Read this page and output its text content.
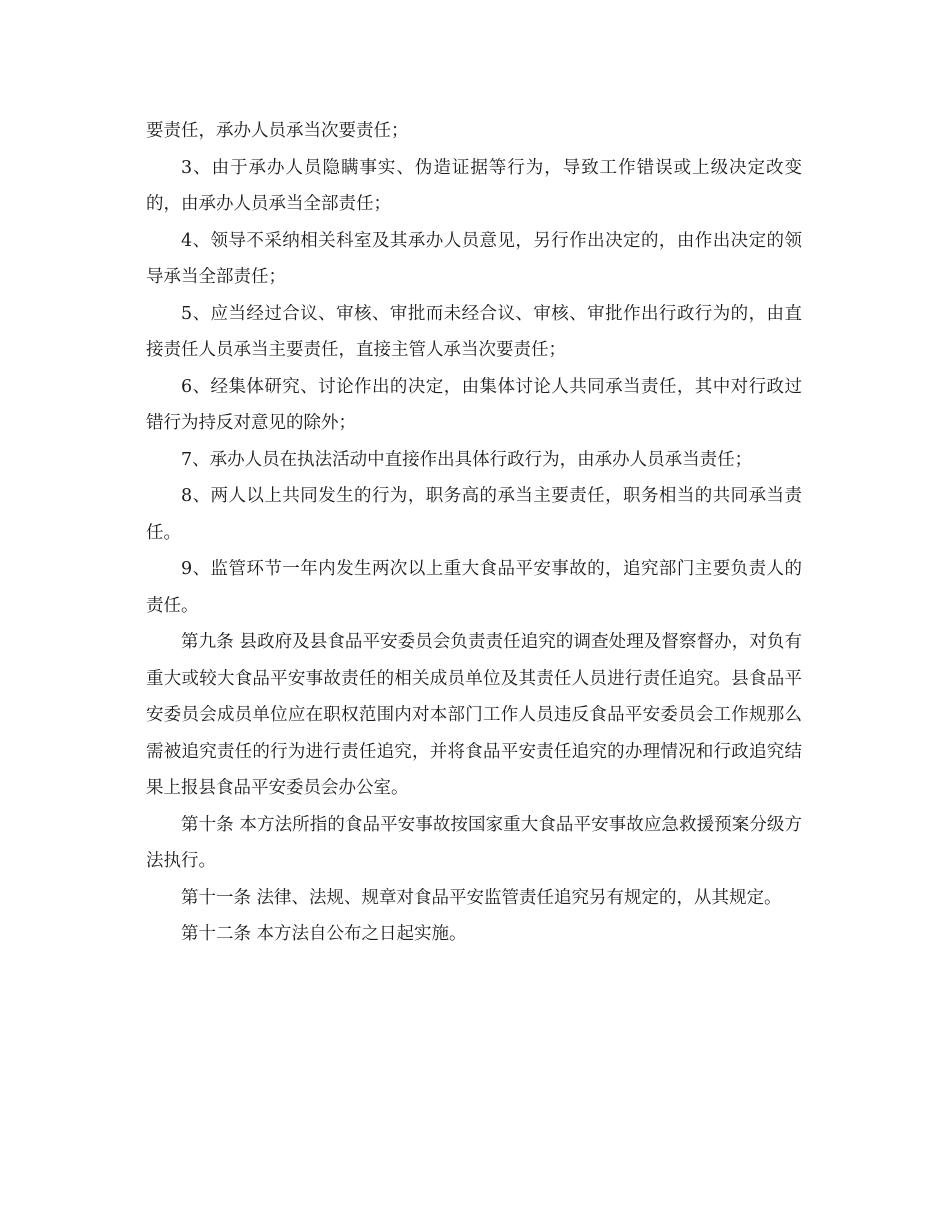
要责任，承办人员承当次要责任；

3、由于承办人员隐瞒事实、伪造证据等行为，导致工作错误或上级决定改变的，由承办人员承当全部责任；

4、领导不采纳相关科室及其承办人员意见，另行作出决定的，由作出决定的领导承当全部责任；

5、应当经过合议、审核、审批而未经合议、审核、审批作出行政行为的，由直接责任人员承当主要责任，直接主管人承当次要责任；

6、经集体研究、讨论作出的决定，由集体讨论人共同承当责任，其中对行政过错行为持反对意见的除外；

7、承办人员在执法活动中直接作出具体行政行为，由承办人员承当责任；

8、两人以上共同发生的行为，职务高的承当主要责任，职务相当的共同承当责任。

9、监管环节一年内发生两次以上重大食品平安事故的，追究部门主要负责人的责任。

第九条 县政府及县食品平安委员会负责责任追究的调查处理及督察督办，对负有重大或较大食品平安事故责任的相关成员单位及其责任人员进行责任追究。县食品平安委员会成员单位应在职权范围内对本部门工作人员违反食品平安委员会工作规那么需被追究责任的行为进行责任追究，并将食品平安责任追究的办理情况和行政追究结果上报县食品平安委员会办公室。

第十条 本方法所指的食品平安事故按国家重大食品平安事故应急救援预案分级方法执行。

第十一条 法律、法规、规章对食品平安监管责任追究另有规定的，从其规定。

第十二条 本方法自公布之日起实施。
